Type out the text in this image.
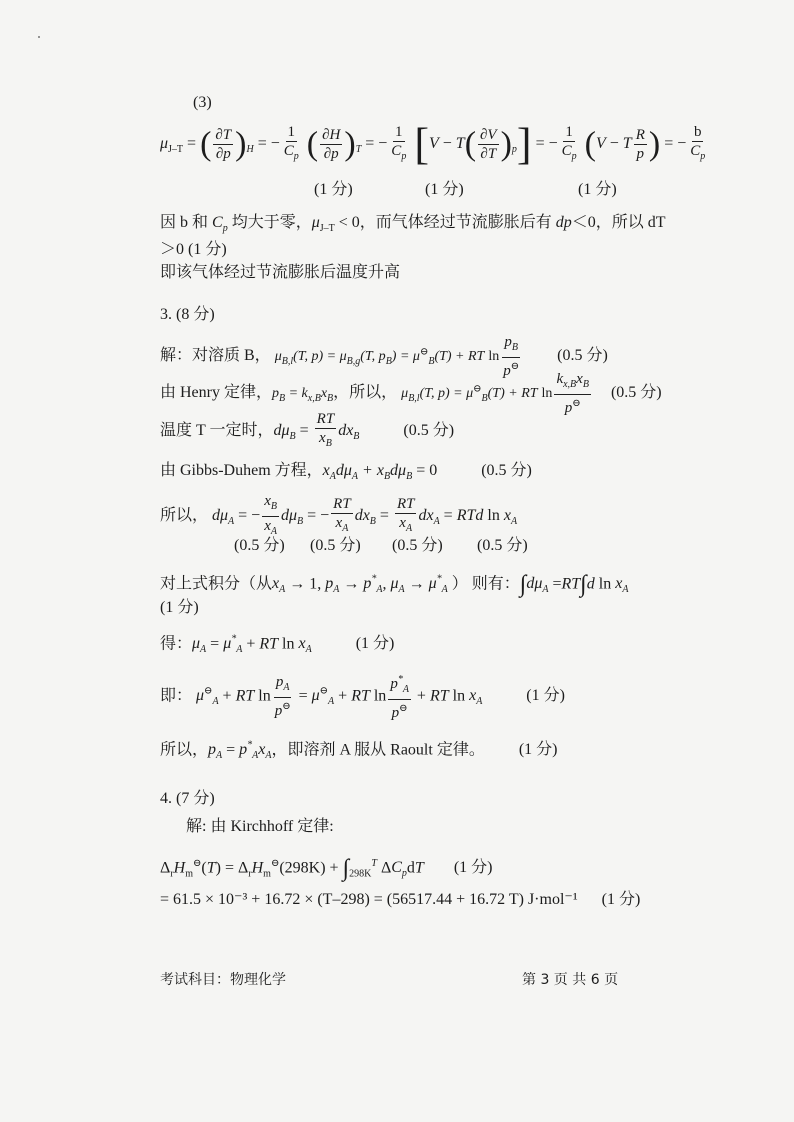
(3)
$\mu_{J-T}$ = ( $\frac{\partial T}{\partial p} )_H$ = − $\frac{1}{C_p}$ ( $\frac{\partial H}{\partial p} )_T$ = − $\frac{1}{C_p} [V - T( \frac{\partial V}{\partial T} )_p]$ = − $\frac{1}{C_p} (V - T \frac{R}{p}$ ) = − $\frac{b}{C_p}$
(1 分)	(1 分)	(1 分)
因 b 和 $C_p$ 均大于零，$\mu_{J-T} < 0$，而气体经过节流膨胀后有 dp＜0，所以 dT
＞0 (1 分)
即该气体经过节流膨胀后温度升高
3. (8 分)
解：对溶质 B， $\mu_{B,l}(T$, $p) = \mu_{B,g}(T$, $p_B) = \mu^⊖_B(T)$ + RT $\ln \frac{p_B}{p^⊖} (0.5$ 分)
由 Henry 定律，$p_B = k_{x,B}x_B$，所以， $\mu_{B,l}(T$, $p) = \mu^⊖_B(T)$ + RT $\ln \frac{k_{x,B}x_B}{p^⊖} (0.5$ 分)
温度 T 一定时，$d\mu_B = \frac{RT}{x_B} dx_B$	(0.5 分)
由 Gibbs-Duhem 方程，$x_Ad\mu_A + x_Bd\mu_B = 0$	(0.5 分)
所以， $d\mu_A$ = − $\frac{x_B}{x_A} d\mu_B$ = − $\frac{RT}{x_A} dx_B = \frac{RT}{x_A} dx_A$ = RTd $\ln x_A$
(0.5 分) (0.5 分) (0.5 分) (0.5 分)
对上式积分（从$x_A \to 1$, $p_A \to p^*_A$, $\mu_A \to \mu^*_A$ ） 则有：$\int d\mu_A =RT\int d$ $\ln x_A$
(1 分)
得：$\mu_A = \mu^*_A$ + RT $\ln x_A$	(1 分)
即： $\mu^⊖_A$ + RT $\ln \frac{p_A}{p^⊖} = \mu^⊖_A$ + RT $\ln \frac{p^*_A}{p^⊖}$ + RT $\ln x_A$	(1 分)
所以，$p_A = p^*_Ax_A$，即溶剂 A 服从 Raoult 定律。 (1 分)
4. (7 分)
解: 由 Kirchhoff 定律:
$\Delta_rH_m^⊖(T) = \Delta_rH_m^⊖(298K) + \int_{298K}^T$ $\Delta C_pdT$ (1 分)
= 61.5 × 10⁻³ + 16.72 × (T–298) = (56517.44 + 16.72 T) J·mol⁻¹ (1 分)
考试科目：物理化学	第 3 页 共 6 页
